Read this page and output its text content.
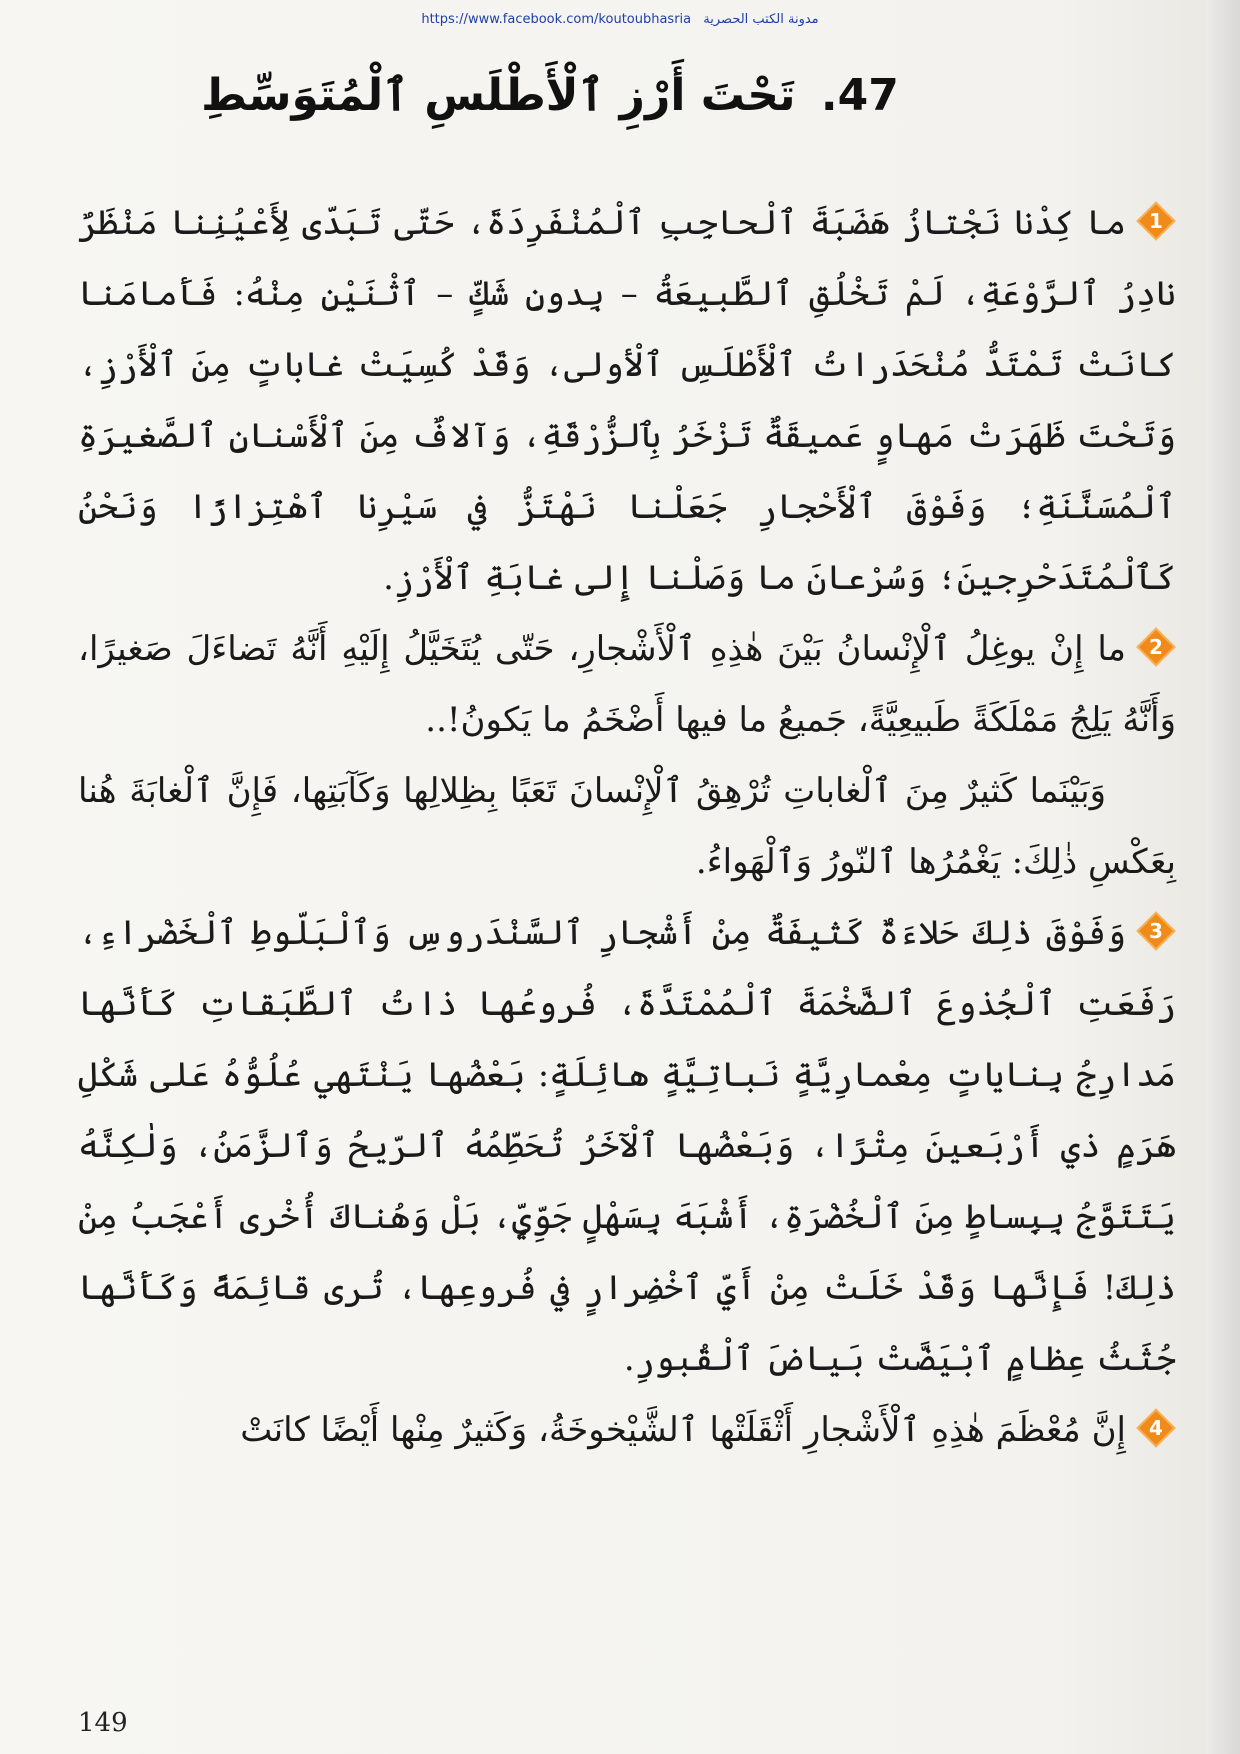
https://www.facebook.com/koutoubhasria مدونة الكتب الحصرية
47. تَحْتَ أَرْزِ ٱلْأَطْلَسِ ٱلْمُتَوَسِّطِ
1
ما كِدْنا نَجْتازُ هَضَبَةَ ٱلْحاجِبِ ٱلْمُنْفَرِدَةَ، حَتّى تَبَدّى لِأَعْيُنِنا مَنْظَرٌ نادِرُ ٱلرَّوْعَةِ، لَمْ تَخْلُقِ ٱلطَّبيعَةُ – بِدونِ شَكٍّ – ٱثْنَيْنِ مِنْهُ: فَأَمامَنا كانَتْ تَمْتَدُّ مُنْحَدَراتُ ٱلْأَطْلَسِ ٱلْأولى، وَقَدْ كُسِيَتْ غاباتٍ مِنَ ٱلْأَرْزِ، وَتَحْتَ ظَهَرَتْ مَهاوٍ عَميقَةٌ تَزْخَرُ بِٱلزُّرْقَةِ، وَآلافٌ مِنَ ٱلْأَسْنانِ ٱلصَّغيرَةِ ٱلْمُسَنَّنَةِ؛ وَفَوْقَ ٱلْأَحْجارِ جَعَلْنا نَهْتَزُّ في سَيْرِنا ٱهْتِزازًا وَنَحْنُ كَٱلْمُتَدَحْرِجينَ؛ وَسُرْعانَ ما وَصَلْنا إِلى غابَةِ ٱلْأَرْزِ.
2
ما إِنْ يوغِلُ ٱلْإِنْسانُ بَيْنَ هٰذِهِ ٱلْأَشْجارِ، حَتّى يُتَخَيَّلُ إِلَيْهِ أَنَّهُ تَضاءَلَ صَغيرًا، وَأَنَّهُ يَلِجُ مَمْلَكَةً طَبيعِيَّةً، جَميعُ ما فيها أَضْخَمُ ما يَكونُ!..
وَبَيْنَما كَثيرٌ مِنَ ٱلْغاباتِ تُرْهِقُ ٱلْإِنْسانَ تَعَبًا بِظِلالِها وَكَآبَتِها، فَإِنَّ ٱلْغابَةَ هُنا بِعَكْسِ ذٰلِكَ: يَغْمُرُها ٱلنّورُ وَٱلْهَواءُ.
3
وَفَوْقَ ذٰلِكَ حَلاءَةٌ كَثيفَةٌ مِنْ أَشْجارِ ٱلسَّنْدَروسِ وَٱلْبَلّوطِ ٱلْخَضْراءِ، رَفَعَتِ ٱلْجُذوعَ ٱلضَّخْمَةَ ٱلْمُمْتَدَّةَ، فُروعُها ذاتُ ٱلطَّبَقاتِ كَأَنَّها مَدارِجُ بِناياتٍ مِعْمارِيَّةٍ نَباتِيَّةٍ هائِلَةٍ: بَعْضُها يَنْتَهي عُلُوُّهُ عَلى شَكْلِ هَرَمٍ ذي أَرْبَعينَ مِتْرًا، وَبَعْضُها ٱلْآخَرُ تُحَطِّمُهُ ٱلرّيحُ وَٱلزَّمَنُ، وَلٰكِنَّهُ يَتَتَوَّجُ بِبِساطٍ مِنَ ٱلْخُضْرَةِ، أَشْبَهَ بِسَهْلٍ جَوِّيٍّ، بَلْ وَهُناكَ أُخْرى أَعْجَبُ مِنْ ذٰلِكَ! فَإِنَّها وَقَدْ خَلَتْ مِنْ أَيِّ ٱخْضِرارٍ في فُروعِها، تُرى قائِمَةً وَكَأَنَّها جُثَثُ عِظامٍ ٱبْيَضَّتْ بَياضَ ٱلْقُبورِ.
4
إِنَّ مُعْظَمَ هٰذِهِ ٱلْأَشْجارِ أَثْقَلَتْها ٱلشَّيْخوخَةُ، وَكَثيرٌ مِنْها أَيْضًا كانَتْ
149
